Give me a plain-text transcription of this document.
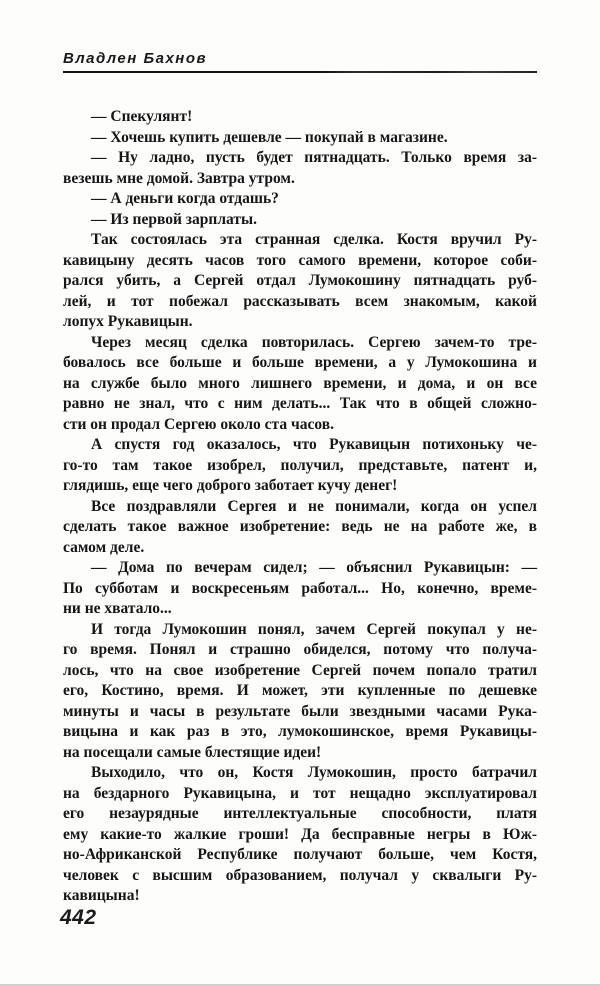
Владлен Бахнов
— Спекулянт!
— Хочешь купить дешевле — покупай в магазине.
— Ну ладно, пусть будет пятнадцать. Только время за-
везешь мне домой. Завтра утром.
— А деньги когда отдашь?
— Из первой зарплаты.
Так состоялась эта странная сделка. Костя вручил Ру-
кавицыну десять часов того самого времени, которое соби-
рался убить, а Сергей отдал Лумокошину пятнадцать руб-
лей, и тот побежал рассказывать всем знакомым, какой
лопух Рукавицын.
Через месяц сделка повторилась. Сергею зачем-то тре-
бовалось все больше и больше времени, а у Лумокошина и
на службе было много лишнего времени, и дома, и он все
равно не знал, что с ним делать... Так что в общей сложно-
сти он продал Сергею около ста часов.
А спустя год оказалось, что Рукавицын потихоньку че-
го-то там такое изобрел, получил, представьте, патент и,
глядишь, еще чего доброго заботает кучу денег!
Все поздравляли Сергея и не понимали, когда он успел
сделать такое важное изобретение: ведь не на работе же, в
самом деле.
— Дома по вечерам сидел; — объяснил Рукавицын: —
По субботам и воскресеньям работал... Но, конечно, време-
ни не хватало...
И тогда Лумокошин понял, зачем Сергей покупал у не-
го время. Понял и страшно обиделся, потому что получа-
лось, что на свое изобретение Сергей почем попало тратил
его, Костино, время. И может, эти купленные по дешевке
минуты и часы в результате были звездными часами Рука-
вицына и как раз в это, лумокошинское, время Рукавицы-
на посещали самые блестящие идеи!
Выходило, что он, Костя Лумокошин, просто батрачил
на бездарного Рукавицына, и тот нещадно эксплуатировал
его незаурядные интеллектуальные способности, платя
ему какие-то жалкие гроши! Да бесправные негры в Юж-
но-Африканской Республике получают больше, чем Костя,
человек с высшим образованием, получал у сквалыги Ру-
кавицына!
442
